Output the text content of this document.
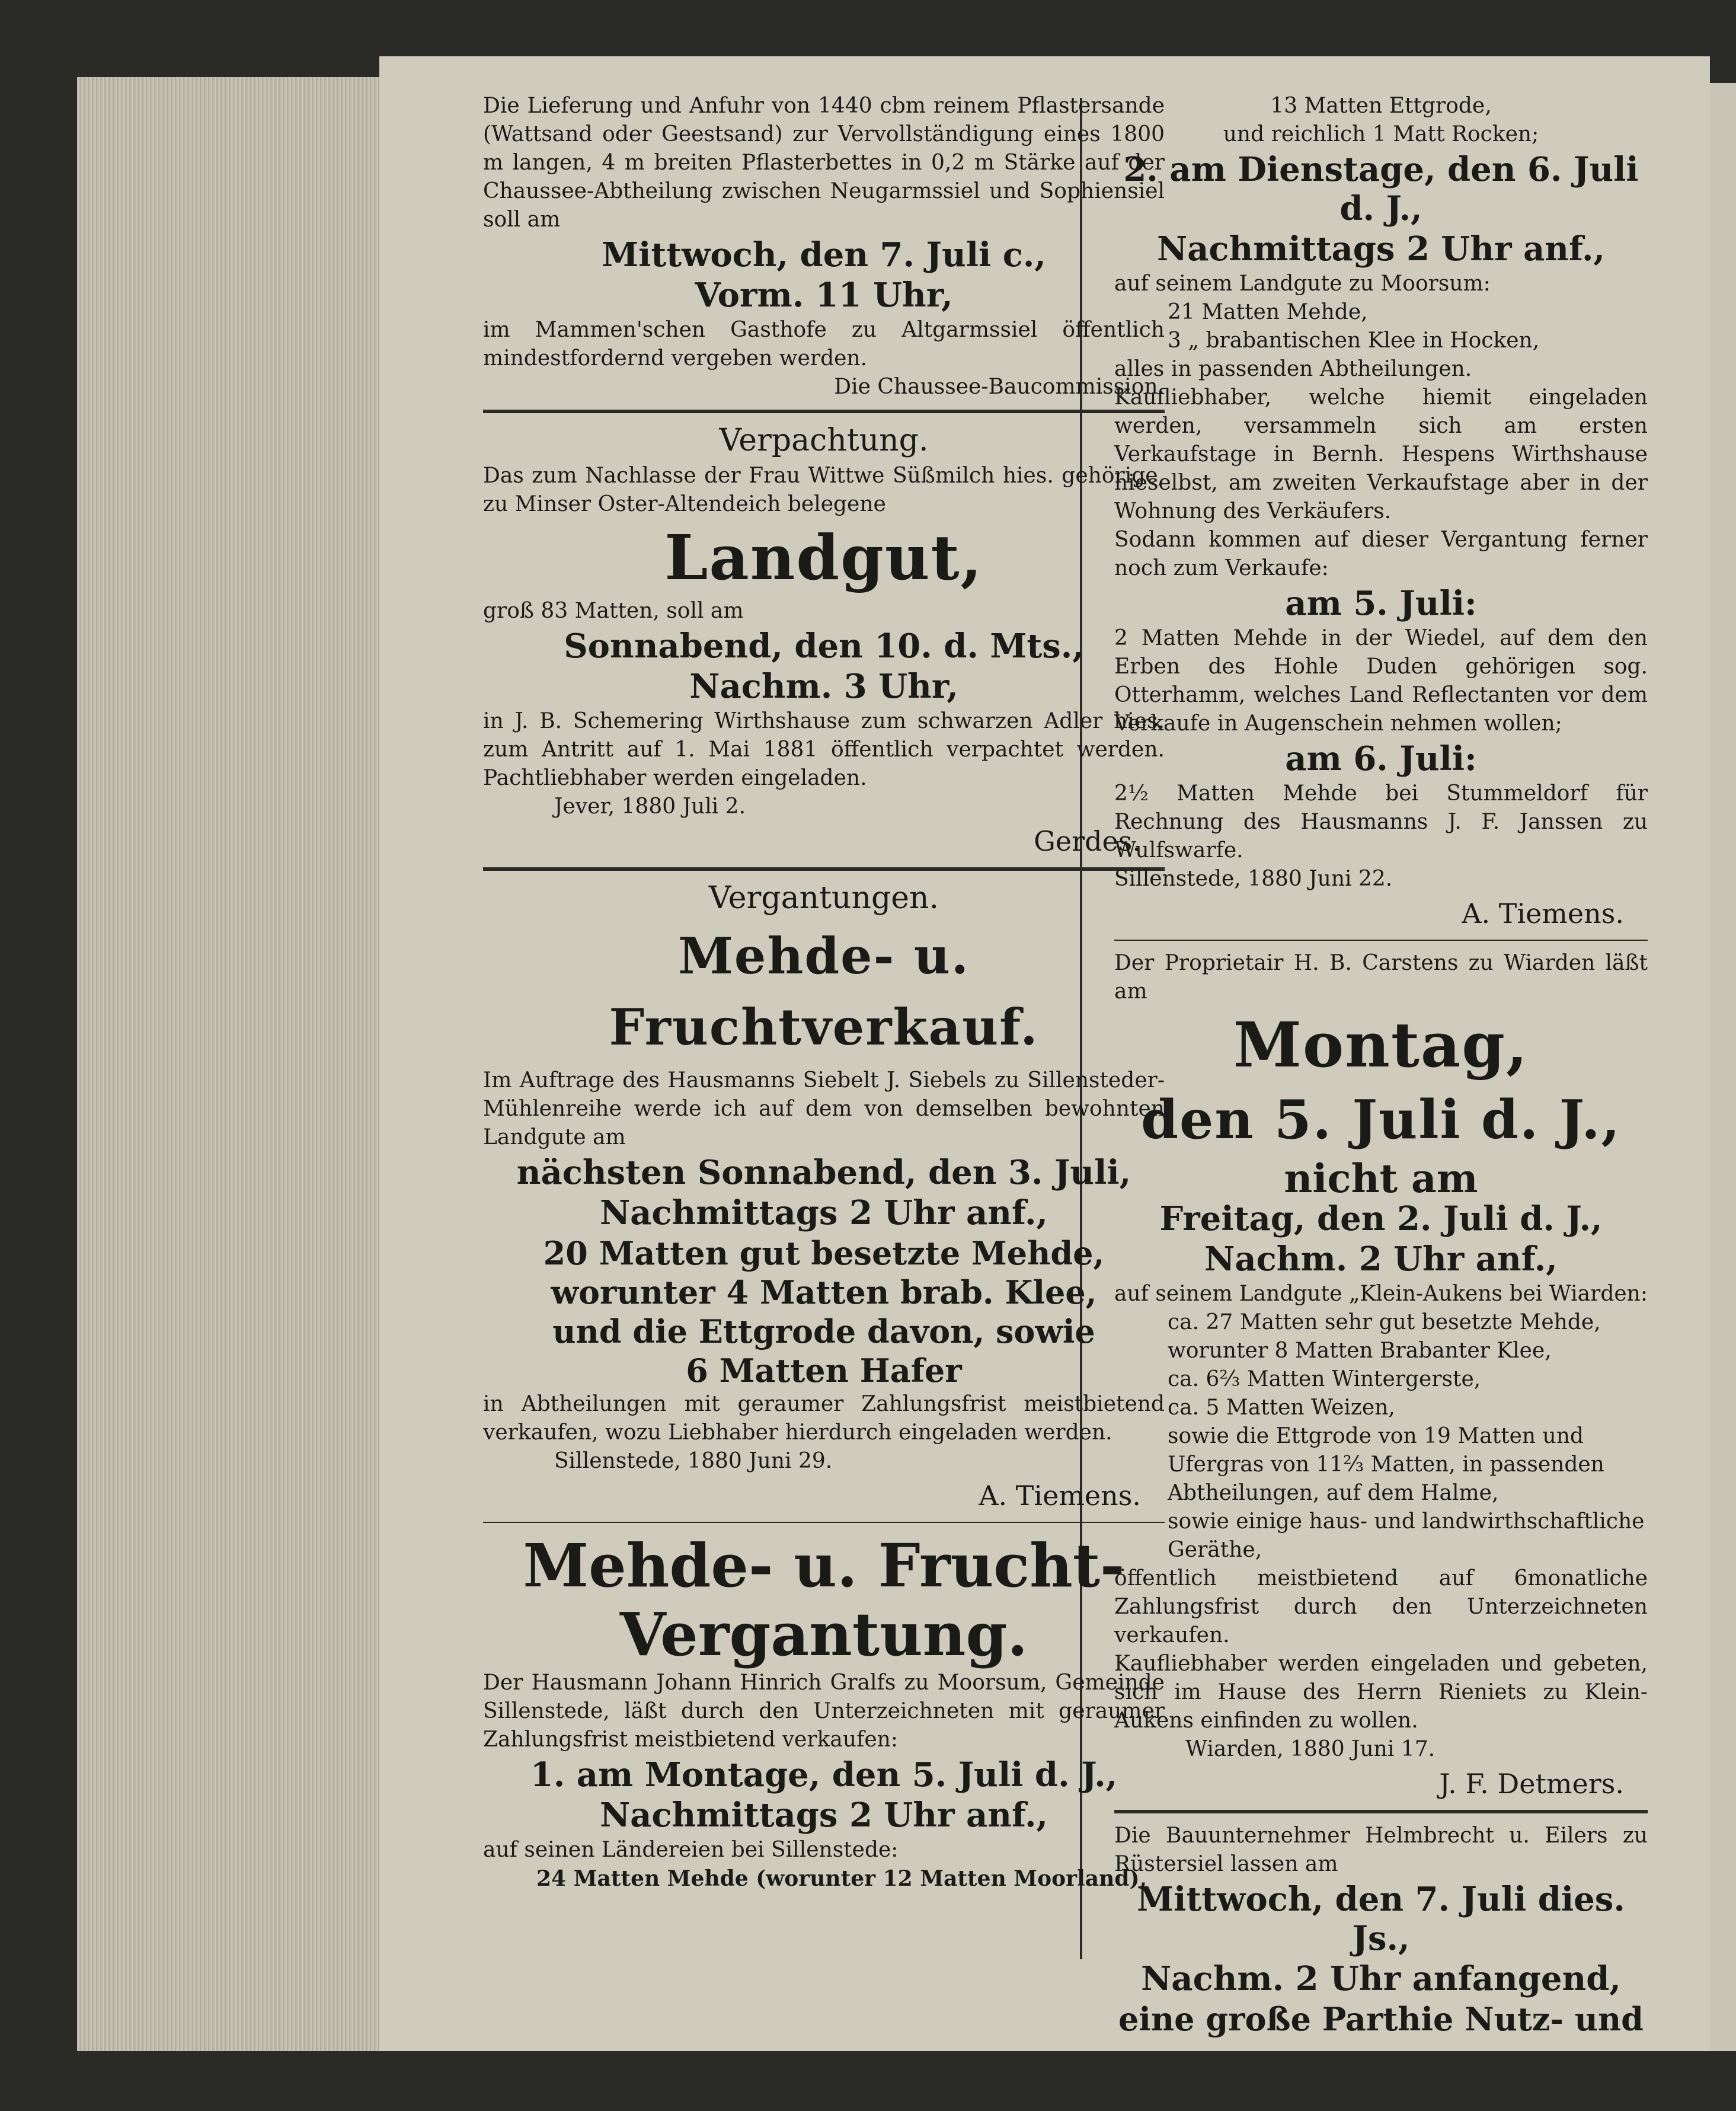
Die Lieferung und Anfuhr von 1440 cbm reinem Pflastersande (Wattsand oder Geestsand) zur Vervollständigung eines 1800 m langen, 4 m breiten Pflasterbettes in 0,2 m Stärke auf der Chaussee-Abtheilung zwischen Neugarmssiel und Sophiensiel soll am

Mittwoch, den 7. Juli c.,

Vorm. 11 Uhr,

im Mammen'schen Gasthofe zu Altgarmssiel öffentlich mindestfordernd vergeben werden.

Die Chaussee-Baucommission.

Verpachtung.

Das zum Nachlasse der Frau Wittwe Süßmilch hies. gehörige, zu Minser Oster-Altendeich belegene

Landgut,

groß 83 Matten, soll am

Sonnabend, den 10. d. Mts.,

Nachm. 3 Uhr,

in J. B. Schemering Wirthshause zum schwarzen Adler hies. zum Antritt auf 1. Mai 1881 öffentlich verpachtet werden. Pachtliebhaber werden eingeladen.

Jever, 1880 Juli 2.

Gerdes.

Vergantungen.

Mehde- u. Fruchtverkauf.

Im Auftrage des Hausmanns Siebelt J. Siebels zu Sillensteder-Mühlenreihe werde ich auf dem von demselben bewohnten Landgute am

nächsten Sonnabend, den 3. Juli,

Nachmittags 2 Uhr anf.,

20 Matten gut besetzte Mehde,

worunter 4 Matten brab. Klee,

und die Ettgrode davon, sowie

6 Matten Hafer

in Abtheilungen mit geraumer Zahlungsfrist meistbietend verkaufen, wozu Liebhaber hierdurch eingeladen werden.

Sillenstede, 1880 Juni 29.

A. Tiemens.

Mehde- u. Frucht-

Vergantung.

Der Hausmann Johann Hinrich Gralfs zu Moorsum, Gemeinde Sillenstede, läßt durch den Unterzeichneten mit geraumer Zahlungsfrist meistbietend verkaufen:

1. am Montage, den 5. Juli d. J.,

Nachmittags 2 Uhr anf.,

auf seinen Ländereien bei Sillenstede:

24 Matten Mehde (worunter 12 Matten Moorland),

13 Matten Ettgrode,

und reichlich 1 Matt Rocken;

2. am Dienstage, den 6. Juli d. J.,

Nachmittags 2 Uhr anf.,

auf seinem Landgute zu Moorsum:

21 Matten Mehde,

3 „ brabantischen Klee in Hocken,

alles in passenden Abtheilungen.

Kaufliebhaber, welche hiemit eingeladen werden, versammeln sich am ersten Verkaufstage in Bernh. Hespens Wirthshause hieselbst, am zweiten Verkaufstage aber in der Wohnung des Verkäufers.

Sodann kommen auf dieser Vergantung ferner noch zum Verkaufe:

am 5. Juli:

2 Matten Mehde in der Wiedel, auf dem den Erben des Hohle Duden gehörigen sog. Otterhamm, welches Land Reflectanten vor dem Verkaufe in Augenschein nehmen wollen;

am 6. Juli:

2½ Matten Mehde bei Stummeldorf für Rechnung des Hausmanns J. F. Janssen zu Wulfswarfe.

Sillenstede, 1880 Juni 22.

A. Tiemens.

Der Proprietair H. B. Carstens zu Wiarden läßt am

Montag,

den 5. Juli d. J.,

nicht am

Freitag, den 2. Juli d. J.,

Nachm. 2 Uhr anf.,

auf seinem Landgute „Klein-Aukens bei Wiarden:

ca. 27 Matten sehr gut besetzte Mehde, worunter 8 Matten Brabanter Klee,

ca. 6⅔ Matten Wintergerste,

ca. 5 Matten Weizen,

sowie die Ettgrode von 19 Matten und Ufergras von 11⅔ Matten, in passenden Abtheilungen, auf dem Halme,

sowie einige haus- und landwirthschaftliche Geräthe,

öffentlich meistbietend auf 6monatliche Zahlungsfrist durch den Unterzeichneten verkaufen.

Kaufliebhaber werden eingeladen und gebeten, sich im Hause des Herrn Rieniets zu Klein-Aukens einfinden zu wollen.

Wiarden, 1880 Juni 17.

J. F. Detmers.

Die Bauunternehmer Helmbrecht u. Eilers zu Rüstersiel lassen am

Mittwoch, den 7. Juli dies. Js.,

Nachm. 2 Uhr anfangend,

eine große Parthie Nutz- und
